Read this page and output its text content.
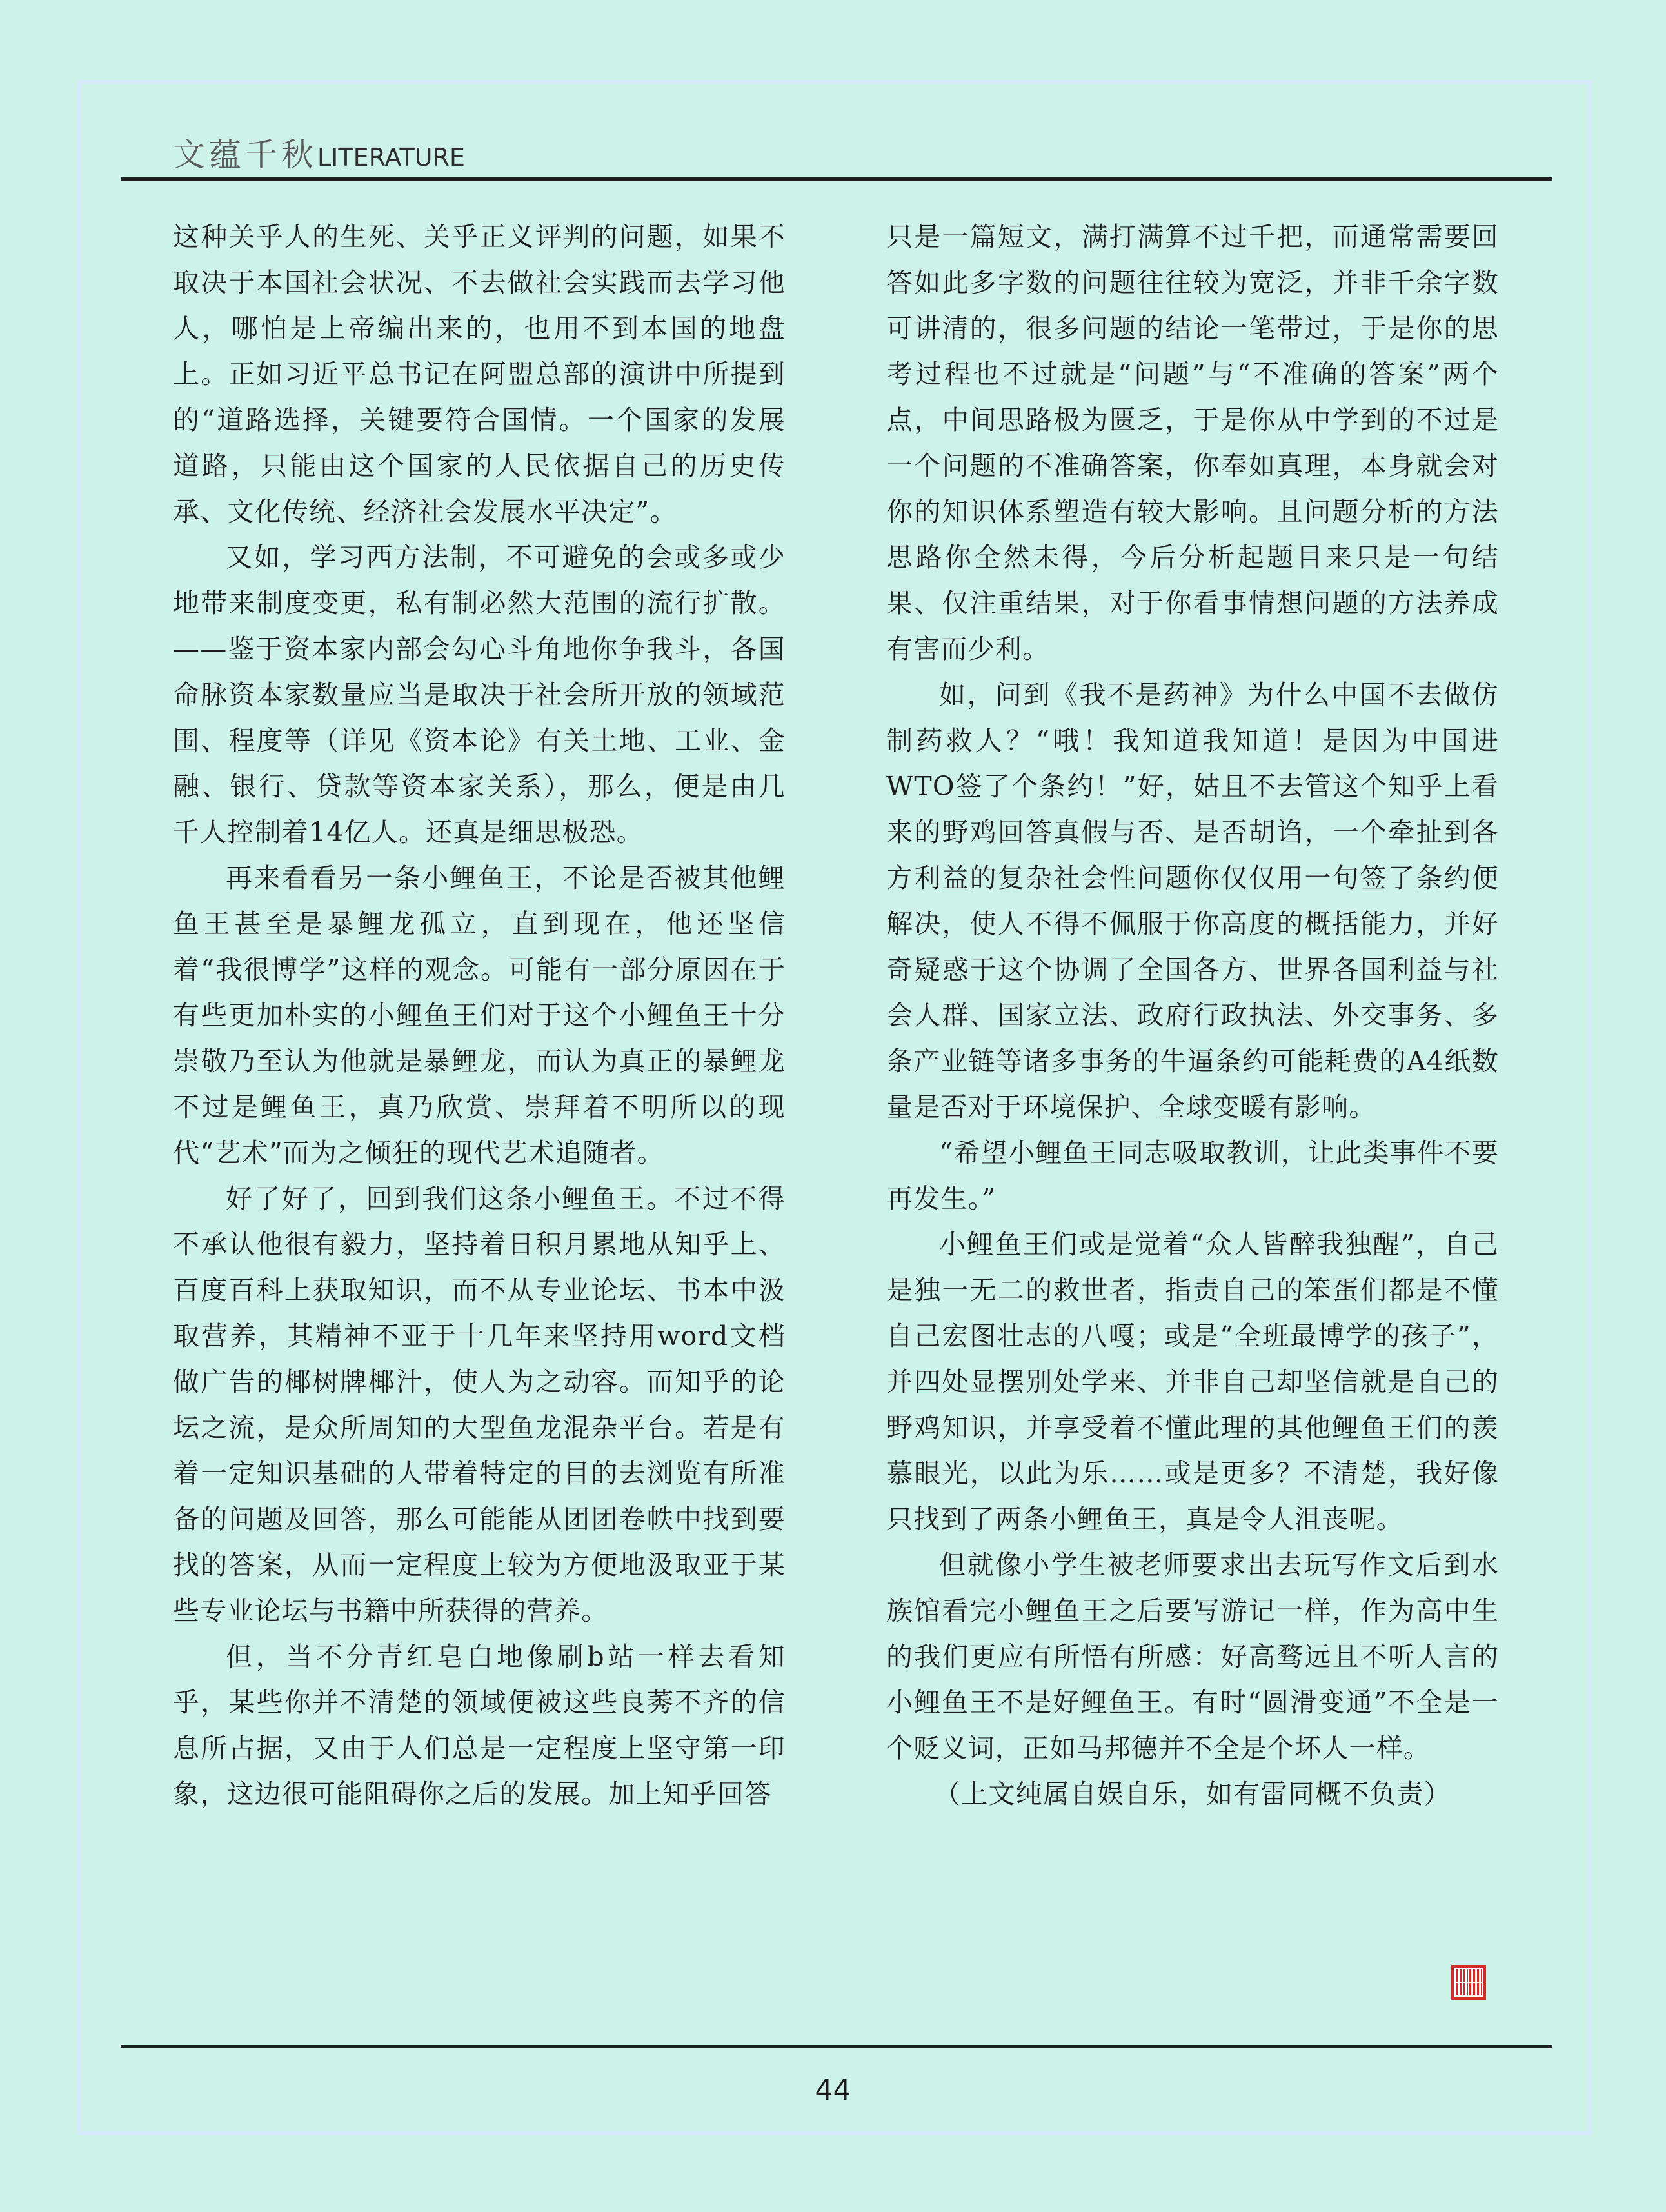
文蕴千秋LITERATURE

这种关乎人的生死、关乎正义评判的问题，如果不取决于本国社会状况、不去做社会实践而去学习他人，哪怕是上帝编出来的，也用不到本国的地盘上。正如习近平总书记在阿盟总部的演讲中所提到的“道路选择，关键要符合国情。一个国家的发展道路，只能由这个国家的人民依据自己的历史传承、文化传统、经济社会发展水平决定”。

又如，学习西方法制，不可避免的会或多或少地带来制度变更，私有制必然大范围的流行扩散。——鉴于资本家内部会勾心斗角地你争我斗，各国命脉资本家数量应当是取决于社会所开放的领域范围、程度等（详见《资本论》有关土地、工业、金融、银行、贷款等资本家关系），那么，便是由几千人控制着14亿人。还真是细思极恐。

再来看看另一条小鲤鱼王，不论是否被其他鲤鱼王甚至是暴鲤龙孤立，直到现在，他还坚信着“我很博学”这样的观念。可能有一部分原因在于有些更加朴实的小鲤鱼王们对于这个小鲤鱼王十分崇敬乃至认为他就是暴鲤龙，而认为真正的暴鲤龙不过是鲤鱼王，真乃欣赏、崇拜着不明所以的现代“艺术”而为之倾狂的现代艺术追随者。

好了好了，回到我们这条小鲤鱼王。不过不得不承认他很有毅力，坚持着日积月累地从知乎上、百度百科上获取知识，而不从专业论坛、书本中汲取营养，其精神不亚于十几年来坚持用word文档做广告的椰树牌椰汁，使人为之动容。而知乎的论坛之流，是众所周知的大型鱼龙混杂平台。若是有着一定知识基础的人带着特定的目的去浏览有所准备的问题及回答，那么可能能从团团卷帙中找到要找的答案，从而一定程度上较为方便地汲取亚于某些专业论坛与书籍中所获得的营养。

但，当不分青红皂白地像刷b站一样去看知乎，某些你并不清楚的领域便被这些良莠不齐的信息所占据，又由于人们总是一定程度上坚守第一印象，这边很可能阻碍你之后的发展。加上知乎回答

只是一篇短文，满打满算不过千把，而通常需要回答如此多字数的问题往往较为宽泛，并非千余字数可讲清的，很多问题的结论一笔带过，于是你的思考过程也不过就是“问题”与“不准确的答案”两个点，中间思路极为匮乏，于是你从中学到的不过是一个问题的不准确答案，你奉如真理，本身就会对你的知识体系塑造有较大影响。且问题分析的方法思路你全然未得，今后分析起题目来只是一句结果、仅注重结果，对于你看事情想问题的方法养成有害而少利。

如，问到《我不是药神》为什么中国不去做仿制药救人？“哦！我知道我知道！是因为中国进WTO签了个条约！”好，姑且不去管这个知乎上看来的野鸡回答真假与否、是否胡诌，一个牵扯到各方利益的复杂社会性问题你仅仅用一句签了条约便解决，使人不得不佩服于你高度的概括能力，并好奇疑惑于这个协调了全国各方、世界各国利益与社会人群、国家立法、政府行政执法、外交事务、多条产业链等诸多事务的牛逼条约可能耗费的A4纸数量是否对于环境保护、全球变暖有影响。

“希望小鲤鱼王同志吸取教训，让此类事件不要再发生。”

小鲤鱼王们或是觉着“众人皆醉我独醒”，自己是独一无二的救世者，指责自己的笨蛋们都是不懂自己宏图壮志的八嘎；或是“全班最博学的孩子”，并四处显摆别处学来、并非自己却坚信就是自己的野鸡知识，并享受着不懂此理的其他鲤鱼王们的羡慕眼光，以此为乐……或是更多？不清楚，我好像只找到了两条小鲤鱼王，真是令人沮丧呢。

但就像小学生被老师要求出去玩写作文后到水族馆看完小鲤鱼王之后要写游记一样，作为高中生的我们更应有所悟有所感：好高骛远且不听人言的小鲤鱼王不是好鲤鱼王。有时“圆滑变通”不全是一个贬义词，正如马邦德并不全是个坏人一样。

（上文纯属自娱自乐，如有雷同概不负责）

44
